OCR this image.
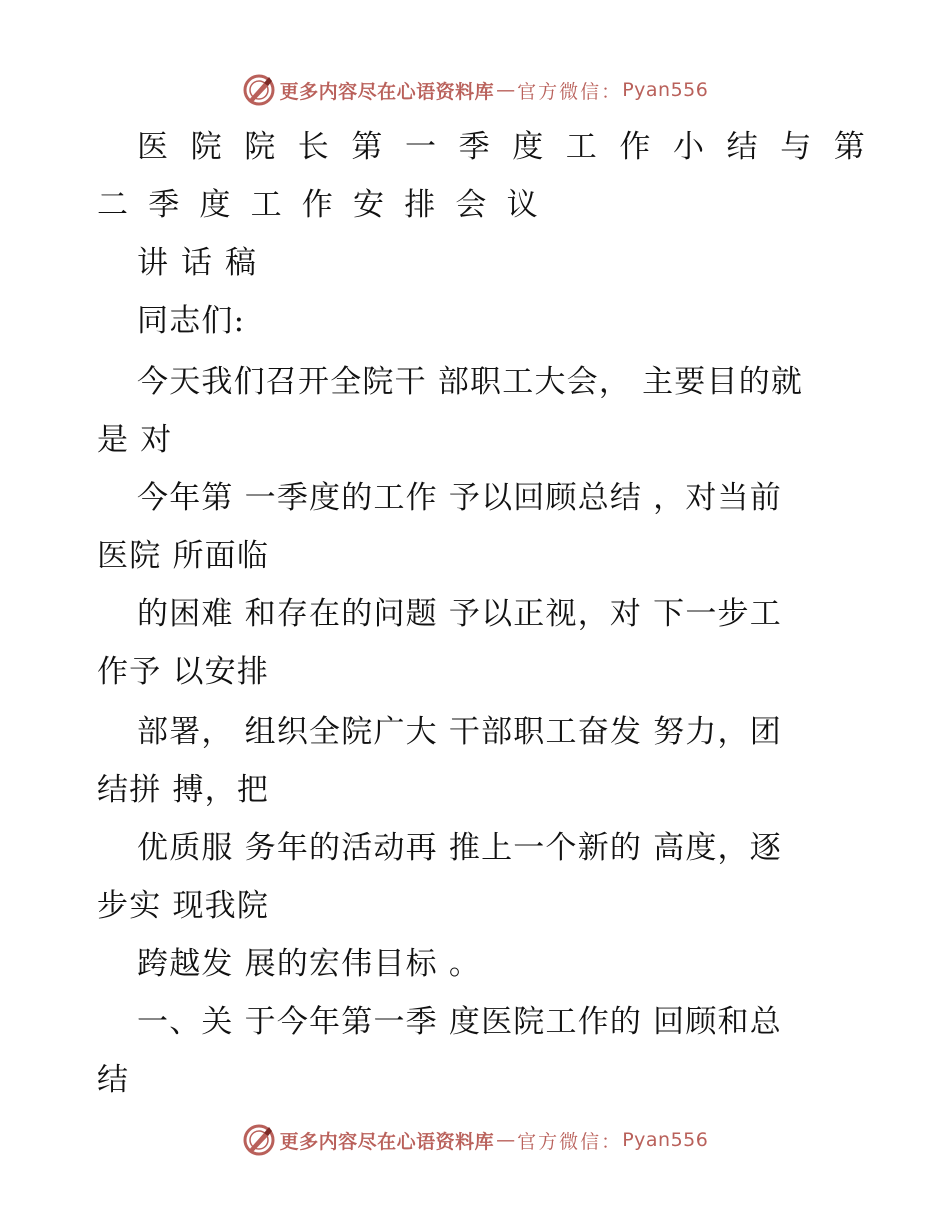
更多内容尽在心语资料库 — 官方微信： Pyan556
医院院长第一季度工作小结与第
二季度工作安排会议
讲话稿
同志们:
今天我们召开全院干 部职工大会， 主要目的就
是 对
今年第 一季度的工作 予以回顾总结 ，对当前
医院 所面临
的困难 和存在的问题 予以正视，对 下一步工
作予 以安排
部署， 组织全院广大 干部职工奋发 努力，团
结拼 搏，把
优质服 务年的活动再 推上一个新的 高度，逐
步实 现我院
跨越发 展的宏伟目标 。
一、关 于今年第一季 度医院工作的 回顾和总
结
更多内容尽在心语资料库 — 官方微信： Pyan556
